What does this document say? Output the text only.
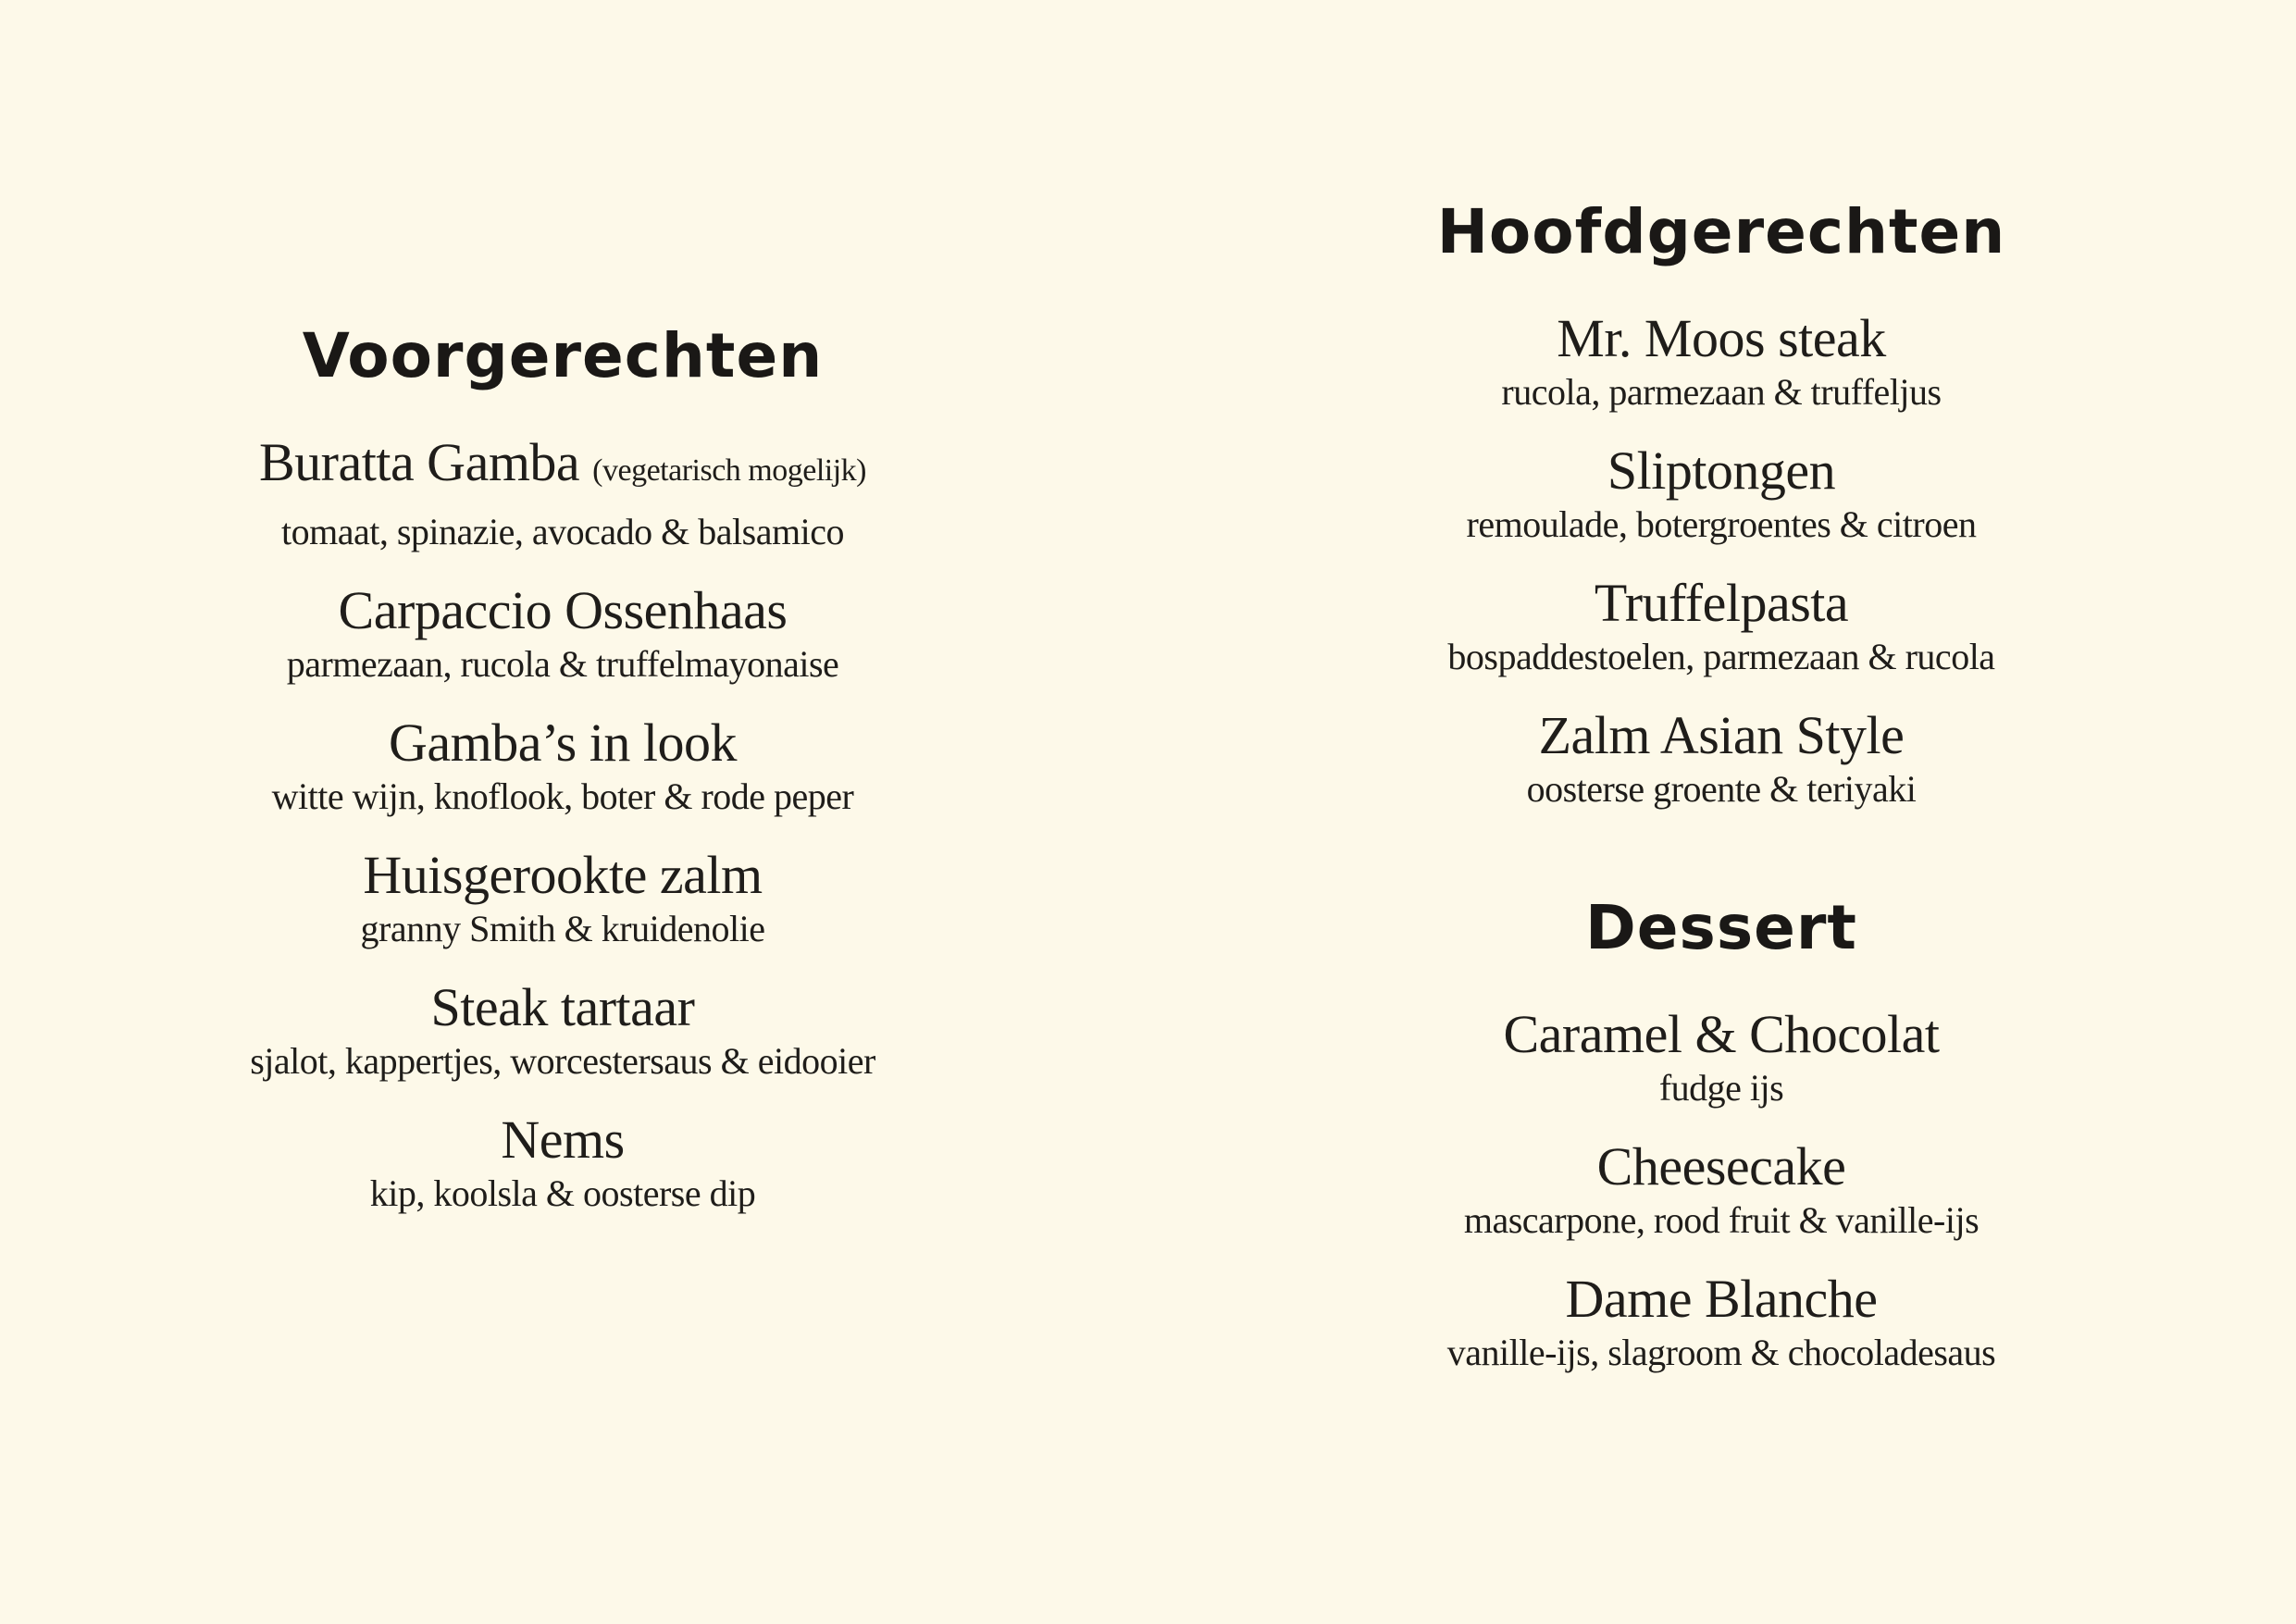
Voorgerechten
Buratta Gamba (vegetarisch mogelijk)
tomaat, spinazie, avocado & balsamico
Carpaccio Ossenhaas
parmezaan, rucola & truffelmayonaise
Gamba’s in look
witte wijn, knoflook, boter & rode peper
Huisgerookte zalm
granny Smith & kruidenolie
Steak tartaar
sjalot, kappertjes, worcestersaus & eidooier
Nems
kip, koolsla & oosterse dip
Hoofdgerechten
Mr. Moos steak
rucola, parmezaan & truffeljus
Sliptongen
remoulade, botergroentes & citroen
Truffelpasta
bospaddestoelen, parmezaan & rucola
Zalm Asian Style
oosterse groente & teriyaki
Dessert
Caramel & Chocolat
fudge ijs
Cheesecake
mascarpone, rood fruit & vanille-ijs
Dame Blanche
vanille-ijs, slagroom & chocoladesaus
